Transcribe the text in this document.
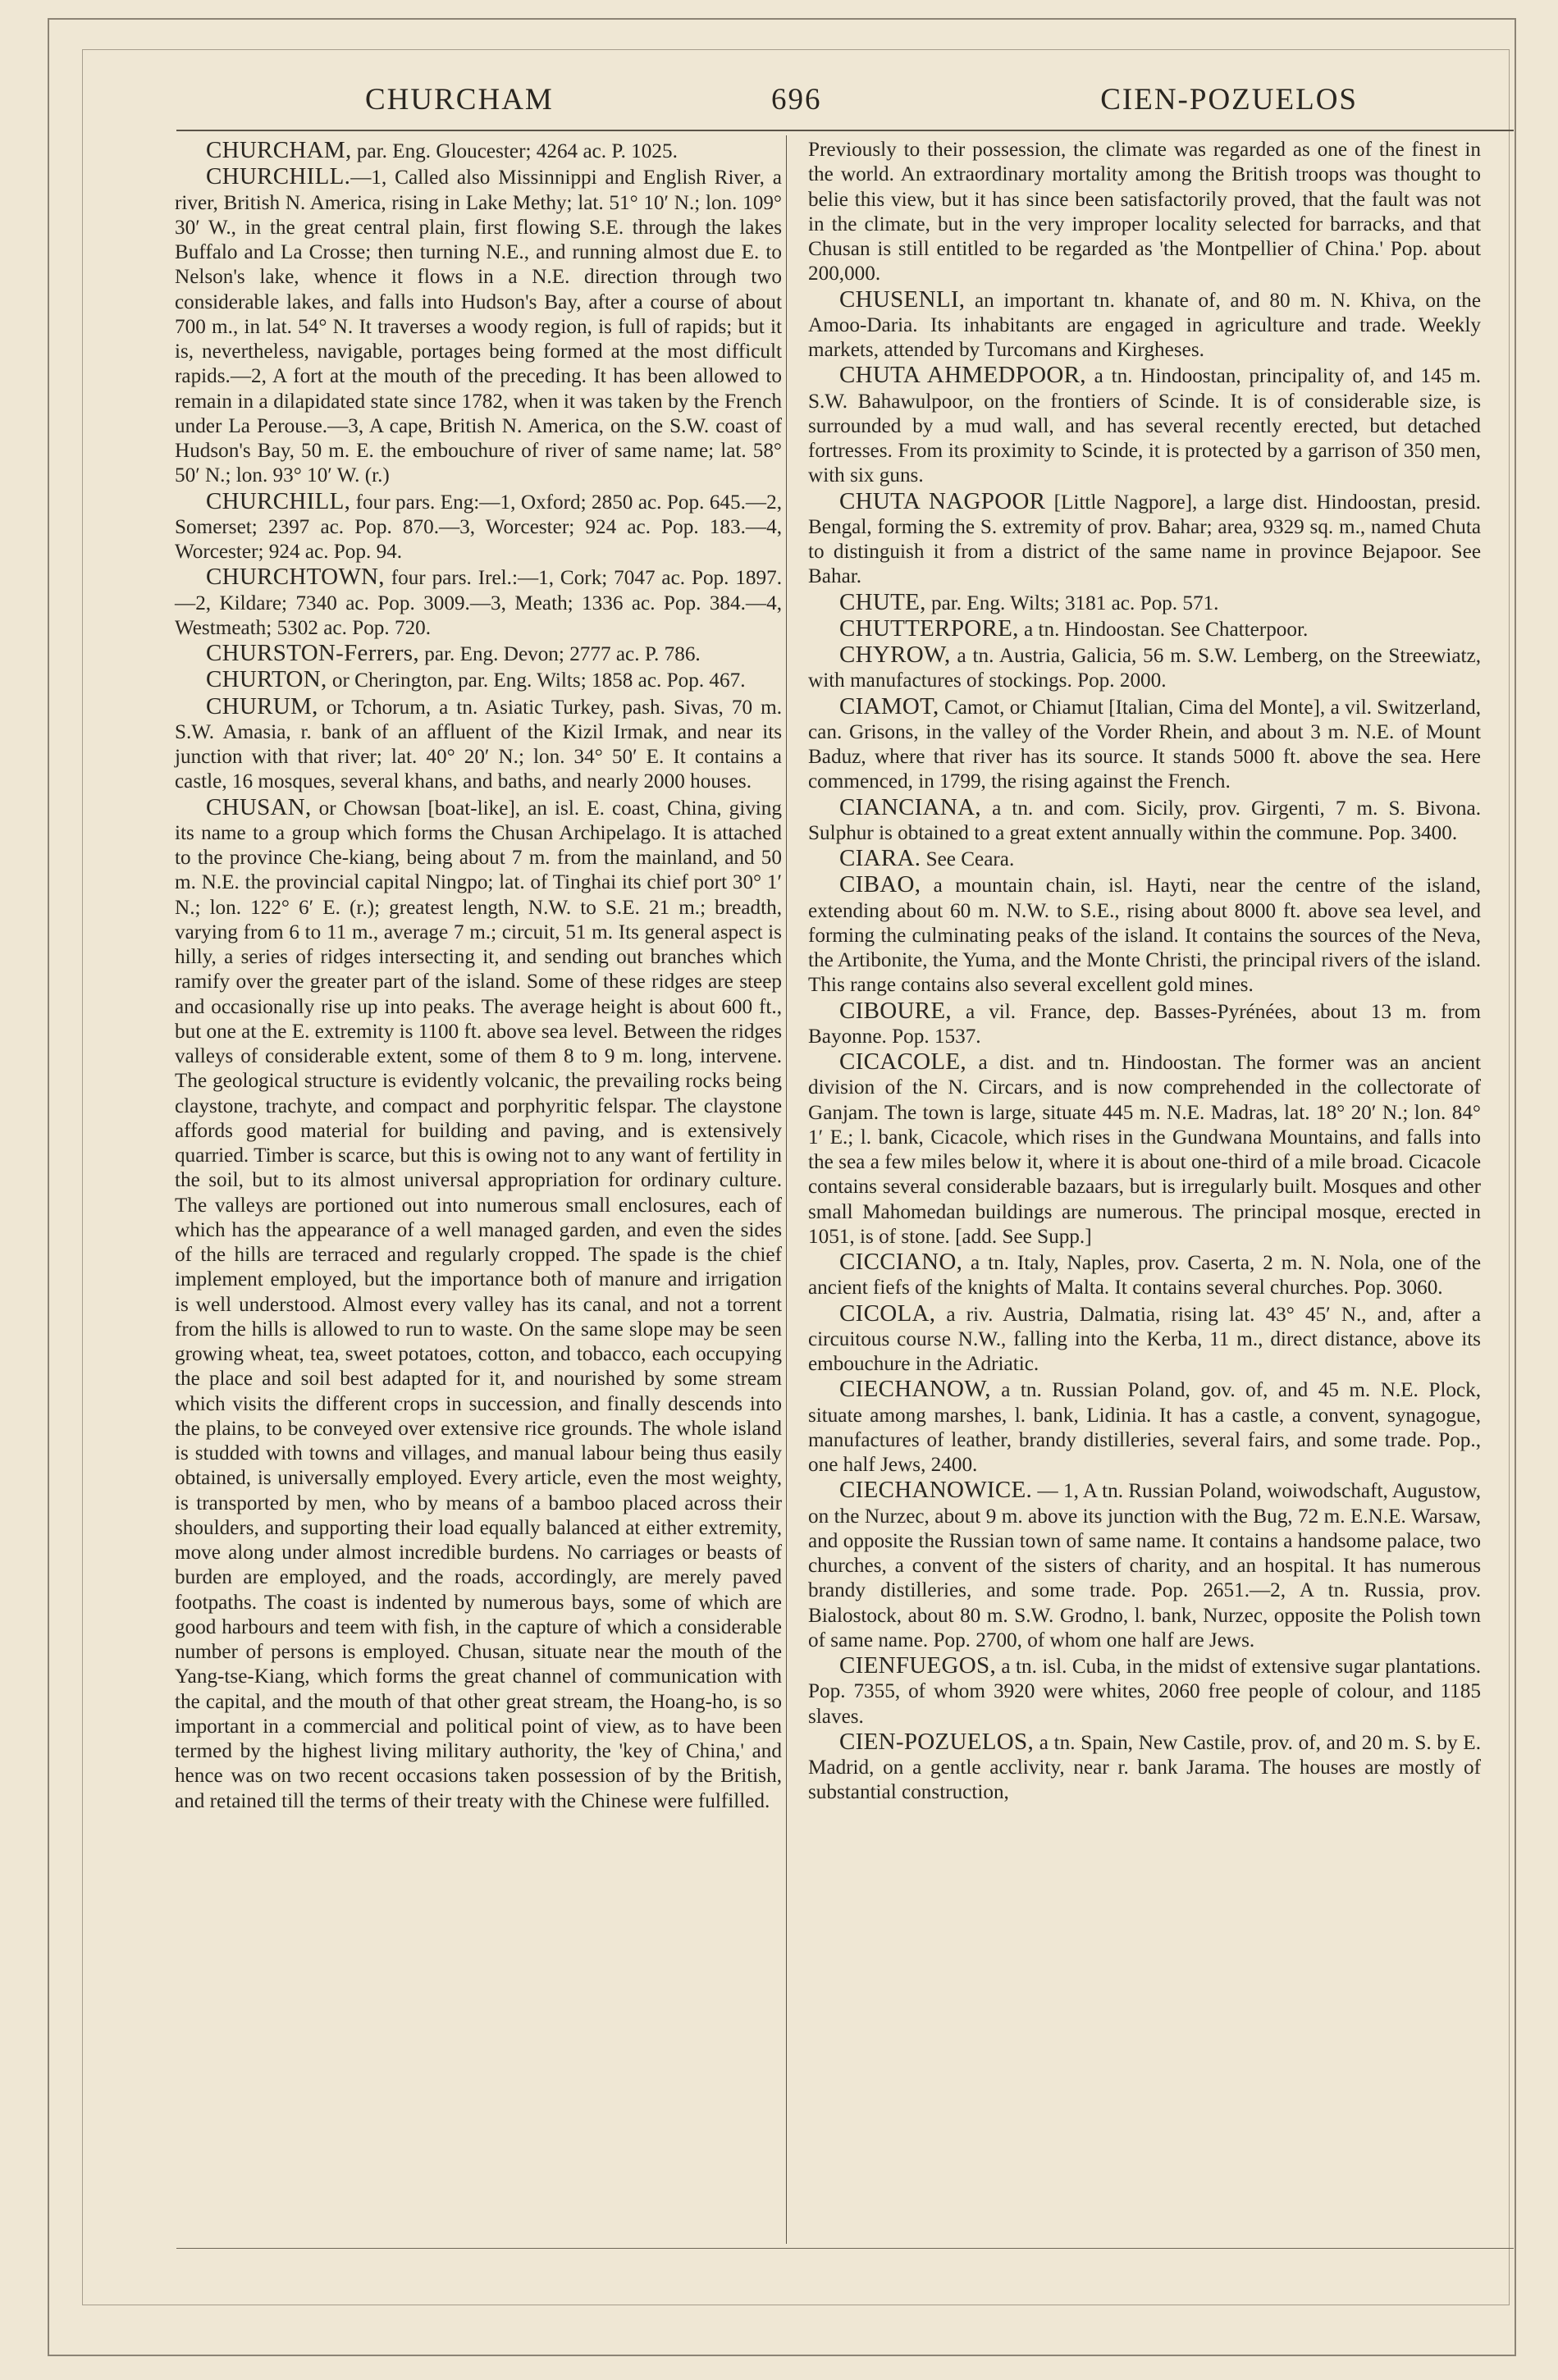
CHURCHAM	696	CIEN-POZUELOS

CHURCHAM, par. Eng. Gloucester; 4264 ac. P. 1025.

CHURCHILL.—1, Called also Missinnippi and English River, a river, British N. America, rising in Lake Methy; lat. 51° 10′ N.; lon. 109° 30′ W., in the great central plain, first flowing S.E. through the lakes Buffalo and La Crosse; then turning N.E., and running almost due E. to Nelson's lake, whence it flows in a N.E. direction through two considerable lakes, and falls into Hudson's Bay, after a course of about 700 m., in lat. 54° N. It traverses a woody region, is full of rapids; but it is, nevertheless, navigable, portages being formed at the most difficult rapids.—2, A fort at the mouth of the preceding. It has been allowed to remain in a dilapidated state since 1782, when it was taken by the French under La Perouse.—3, A cape, British N. America, on the S.W. coast of Hudson's Bay, 50 m. E. the embouchure of river of same name; lat. 58° 50′ N.; lon. 93° 10′ W. (r.)

CHURCHILL, four pars. Eng:—1, Oxford; 2850 ac. Pop. 645.—2, Somerset; 2397 ac. Pop. 870.—3, Worcester; 924 ac. Pop. 183.—4, Worcester; 924 ac. Pop. 94.

CHURCHTOWN, four pars. Irel.:—1, Cork; 7047 ac. Pop. 1897.—2, Kildare; 7340 ac. Pop. 3009.—3, Meath; 1336 ac. Pop. 384.—4, Westmeath; 5302 ac. Pop. 720.

CHURSTON-Ferrers, par. Eng. Devon; 2777 ac. P. 786.

CHURTON, or Cherington, par. Eng. Wilts; 1858 ac. Pop. 467.

CHURUM, or Tchorum, a tn. Asiatic Turkey, pash. Sivas, 70 m. S.W. Amasia, r. bank of an affluent of the Kizil Irmak, and near its junction with that river; lat. 40° 20′ N.; lon. 34° 50′ E. It contains a castle, 16 mosques, several khans, and baths, and nearly 2000 houses.

CHUSAN, or Chowsan [boat-like], an isl. E. coast, China, giving its name to a group which forms the Chusan Archipelago. It is attached to the province Che-kiang, being about 7 m. from the mainland, and 50 m. N.E. the provincial capital Ningpo; lat. of Tinghai its chief port 30° 1′ N.; lon. 122° 6′ E. (r.); greatest length, N.W. to S.E. 21 m.; breadth, varying from 6 to 11 m., average 7 m.; circuit, 51 m. Its general aspect is hilly, a series of ridges intersecting it, and sending out branches which ramify over the greater part of the island. Some of these ridges are steep and occasionally rise up into peaks. The average height is about 600 ft., but one at the E. extremity is 1100 ft. above sea level. Between the ridges valleys of considerable extent, some of them 8 to 9 m. long, intervene. The geological structure is evidently volcanic, the prevailing rocks being claystone, trachyte, and compact and porphyritic felspar. The claystone affords good material for building and paving, and is extensively quarried. Timber is scarce, but this is owing not to any want of fertility in the soil, but to its almost universal appropriation for ordinary culture. The valleys are portioned out into numerous small enclosures, each of which has the appearance of a well managed garden, and even the sides of the hills are terraced and regularly cropped. The spade is the chief implement employed, but the importance both of manure and irrigation is well understood. Almost every valley has its canal, and not a torrent from the hills is allowed to run to waste. On the same slope may be seen growing wheat, tea, sweet potatoes, cotton, and tobacco, each occupying the place and soil best adapted for it, and nourished by some stream which visits the different crops in succession, and finally descends into the plains, to be conveyed over extensive rice grounds. The whole island is studded with towns and villages, and manual labour being thus easily obtained, is universally employed. Every article, even the most weighty, is transported by men, who by means of a bamboo placed across their shoulders, and supporting their load equally balanced at either extremity, move along under almost incredible burdens. No carriages or beasts of burden are employed, and the roads, accordingly, are merely paved footpaths. The coast is indented by numerous bays, some of which are good harbours and teem with fish, in the capture of which a considerable number of persons is employed. Chusan, situate near the mouth of the Yang-tse-Kiang, which forms the great channel of communication with the capital, and the mouth of that other great stream, the Hoang-ho, is so important in a commercial and political point of view, as to have been termed by the highest living military authority, the 'key of China,' and hence was on two recent occasions taken possession of by the British, and retained till the terms of their treaty with the Chinese were fulfilled.

Previously to their possession, the climate was regarded as one of the finest in the world. An extraordinary mortality among the British troops was thought to belie this view, but it has since been satisfactorily proved, that the fault was not in the climate, but in the very improper locality selected for barracks, and that Chusan is still entitled to be regarded as 'the Montpellier of China.' Pop. about 200,000.

CHUSENLI, an important tn. khanate of, and 80 m. N. Khiva, on the Amoo-Daria. Its inhabitants are engaged in agriculture and trade. Weekly markets, attended by Turcomans and Kirgheses.

CHUTA AHMEDPOOR, a tn. Hindoostan, principality of, and 145 m. S.W. Bahawulpoor, on the frontiers of Scinde. It is of considerable size, is surrounded by a mud wall, and has several recently erected, but detached fortresses. From its proximity to Scinde, it is protected by a garrison of 350 men, with six guns.

CHUTA NAGPOOR [Little Nagpore], a large dist. Hindoostan, presid. Bengal, forming the S. extremity of prov. Bahar; area, 9329 sq. m., named Chuta to distinguish it from a district of the same name in province Bejapoor. See Bahar.

CHUTE, par. Eng. Wilts; 3181 ac. Pop. 571.

CHUTTERPORE, a tn. Hindoostan. See Chatterpoor.

CHYROW, a tn. Austria, Galicia, 56 m. S.W. Lemberg, on the Streewiatz, with manufactures of stockings. Pop. 2000.

CIAMOT, Camot, or Chiamut [Italian, Cima del Monte], a vil. Switzerland, can. Grisons, in the valley of the Vorder Rhein, and about 3 m. N.E. of Mount Baduz, where that river has its source. It stands 5000 ft. above the sea. Here commenced, in 1799, the rising against the French.

CIANCIANA, a tn. and com. Sicily, prov. Girgenti, 7 m. S. Bivona. Sulphur is obtained to a great extent annually within the commune. Pop. 3400.

CIARA. See Ceara.

CIBAO, a mountain chain, isl. Hayti, near the centre of the island, extending about 60 m. N.W. to S.E., rising about 8000 ft. above sea level, and forming the culminating peaks of the island. It contains the sources of the Neva, the Artibonite, the Yuma, and the Monte Christi, the principal rivers of the island. This range contains also several excellent gold mines.

CIBOURE, a vil. France, dep. Basses-Pyrénées, about 13 m. from Bayonne. Pop. 1537.

CICACOLE, a dist. and tn. Hindoostan. The former was an ancient division of the N. Circars, and is now comprehended in the collectorate of Ganjam. The town is large, situate 445 m. N.E. Madras, lat. 18° 20′ N.; lon. 84° 1′ E.; l. bank, Cicacole, which rises in the Gundwana Mountains, and falls into the sea a few miles below it, where it is about one-third of a mile broad. Cicacole contains several considerable bazaars, but is irregularly built. Mosques and other small Mahomedan buildings are numerous. The principal mosque, erected in 1051, is of stone. [add. See Supp.]

CICCIANO, a tn. Italy, Naples, prov. Caserta, 2 m. N. Nola, one of the ancient fiefs of the knights of Malta. It contains several churches. Pop. 3060.

CICOLA, a riv. Austria, Dalmatia, rising lat. 43° 45′ N., and, after a circuitous course N.W., falling into the Kerba, 11 m., direct distance, above its embouchure in the Adriatic.

CIECHANOW, a tn. Russian Poland, gov. of, and 45 m. N.E. Plock, situate among marshes, l. bank, Lidinia. It has a castle, a convent, synagogue, manufactures of leather, brandy distilleries, several fairs, and some trade. Pop., one half Jews, 2400.

CIECHANOWICE. — 1, A tn. Russian Poland, woiwodschaft, Augustow, on the Nurzec, about 9 m. above its junction with the Bug, 72 m. E.N.E. Warsaw, and opposite the Russian town of same name. It contains a handsome palace, two churches, a convent of the sisters of charity, and an hospital. It has numerous brandy distilleries, and some trade. Pop. 2651.—2, A tn. Russia, prov. Bialostock, about 80 m. S.W. Grodno, l. bank, Nurzec, opposite the Polish town of same name. Pop. 2700, of whom one half are Jews.

CIENFUEGOS, a tn. isl. Cuba, in the midst of extensive sugar plantations. Pop. 7355, of whom 3920 were whites, 2060 free people of colour, and 1185 slaves.

CIEN-POZUELOS, a tn. Spain, New Castile, prov. of, and 20 m. S. by E. Madrid, on a gentle acclivity, near r. bank Jarama. The houses are mostly of substantial construction,
